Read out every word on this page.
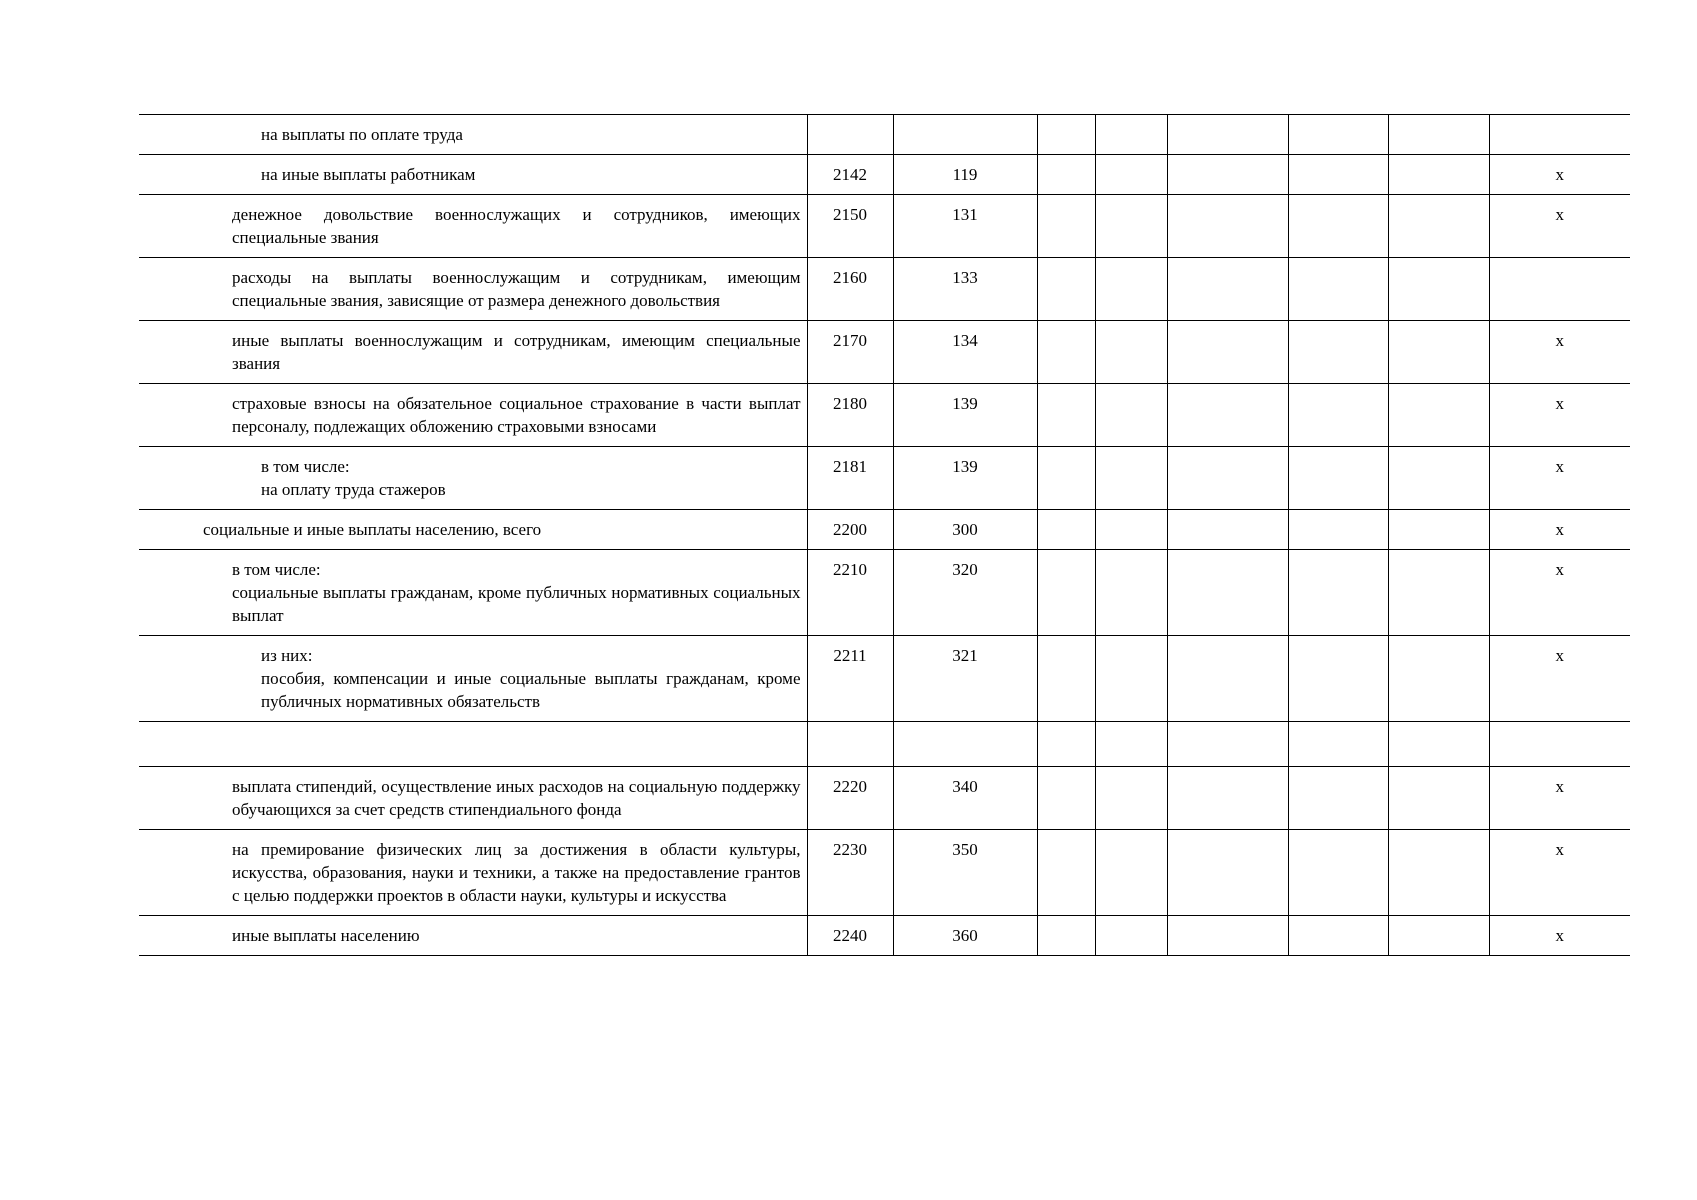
на выплаты по оплате труда								

на иные выплаты работникам	2142	119						x

денежное довольствие военнослужащих и сотрудников, имеющих специальные звания	2150	131						x

расходы на выплаты военнослужащим и сотрудникам, имеющим специальные звания, зависящие от размера денежного довольствия	2160	133						

иные выплаты военнослужащим и сотрудникам, имеющим специальные звания	2170	134						x

страховые взносы на обязательное социальное страхование в части выплат персоналу, подлежащих обложению страховыми взносами	2180	139						x

в том числе:
на оплату труда стажеров	2181	139						x

социальные и иные выплаты населению, всего	2200	300						x

в том числе:
социальные выплаты гражданам, кроме публичных нормативных социальных выплат	2210	320						x

из них:
пособия, компенсации и иные социальные выплаты гражданам, кроме публичных нормативных обязательств	2211	321						x

выплата стипендий, осуществление иных расходов на социальную поддержку обучающихся за счет средств стипендиального фонда	2220	340						x

на премирование физических лиц за достижения в области культуры, искусства, образования, науки и техники, а также на предоставление грантов с целью поддержки проектов в области науки, культуры и искусства	2230	350						x

иные выплаты населению	2240	360						x
